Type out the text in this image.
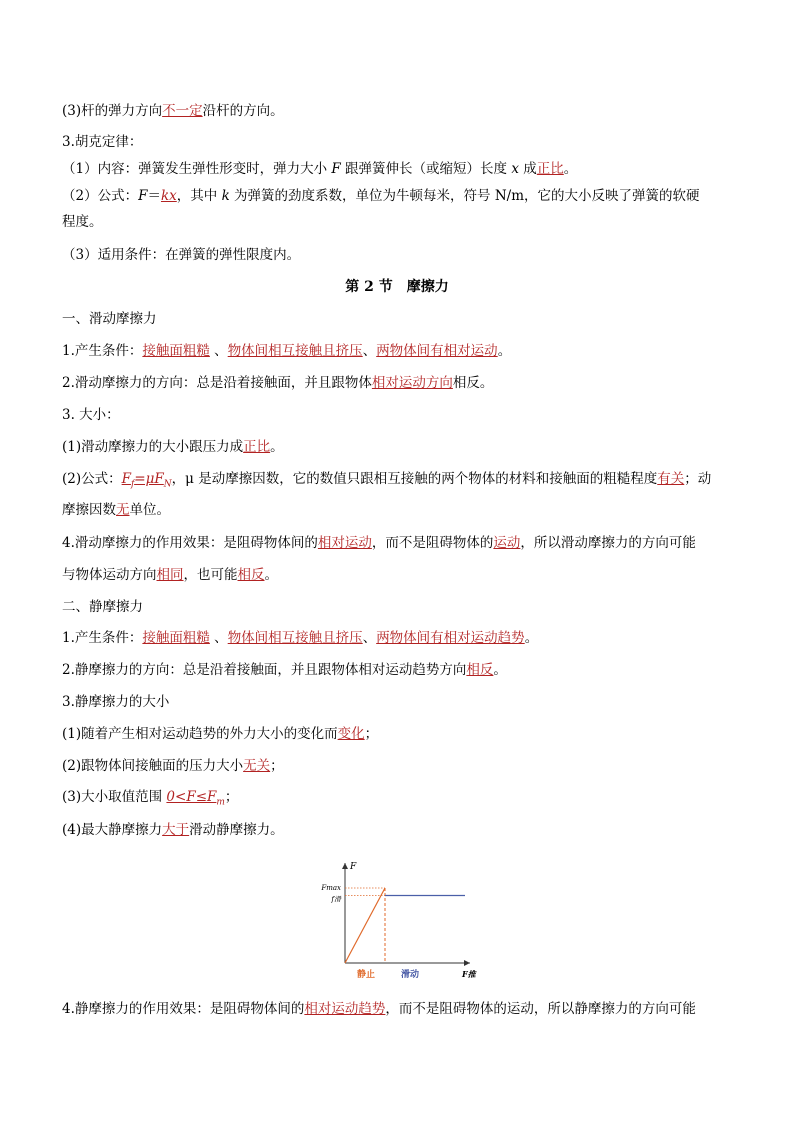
(3)杆的弹力方向不一定沿杆的方向。
3.胡克定律：
（1）内容：弹簧发生弹性形变时，弹力大小 F 跟弹簧伸长（或缩短）长度 x 成正比。
（2）公式：F＝kx，其中 k 为弹簧的劲度系数，单位为牛顿每米，符号 N/m，它的大小反映了弹簧的软硬
程度。
（3）适用条件：在弹簧的弹性限度内。
第 2 节　摩擦力
一、滑动摩擦力
1.产生条件：接触面粗糙 、物体间相互接触且挤压、两物体间有相对运动。
2.滑动摩擦力的方向：总是沿着接触面，并且跟物体相对运动方向相反。
3. 大小：
(1)滑动摩擦力的大小跟压力成正比。
(2)公式：$F_f=\mu F_N$，μ 是动摩擦因数，它的数值只跟相互接触的两个物体的材料和接触面的粗糙程度有关；动
摩擦因数无单位。
4.滑动摩擦力的作用效果：是阻碍物体间的相对运动，而不是阻碍物体的运动，所以滑动摩擦力的方向可能
与物体运动方向相同，也可能相反。
二、静摩擦力
1.产生条件：接触面粗糙 、物体间相互接触且挤压、两物体间有相对运动趋势。
2.静摩擦力的方向：总是沿着接触面，并且跟物体相对运动趋势方向相反。
3.静摩擦力的大小
(1)随着产生相对运动趋势的外力大小的变化而变化；
(2)跟物体间接触面的压力大小无关；
(3)大小取值范围 $0<F\le F_m$；
(4)最大静摩擦力大于滑动静摩擦力。
F
Fmax
f滑
静止	滑动	F推
4.静摩擦力的作用效果：是阻碍物体间的相对运动趋势，而不是阻碍物体的运动，所以静摩擦力的方向可能
